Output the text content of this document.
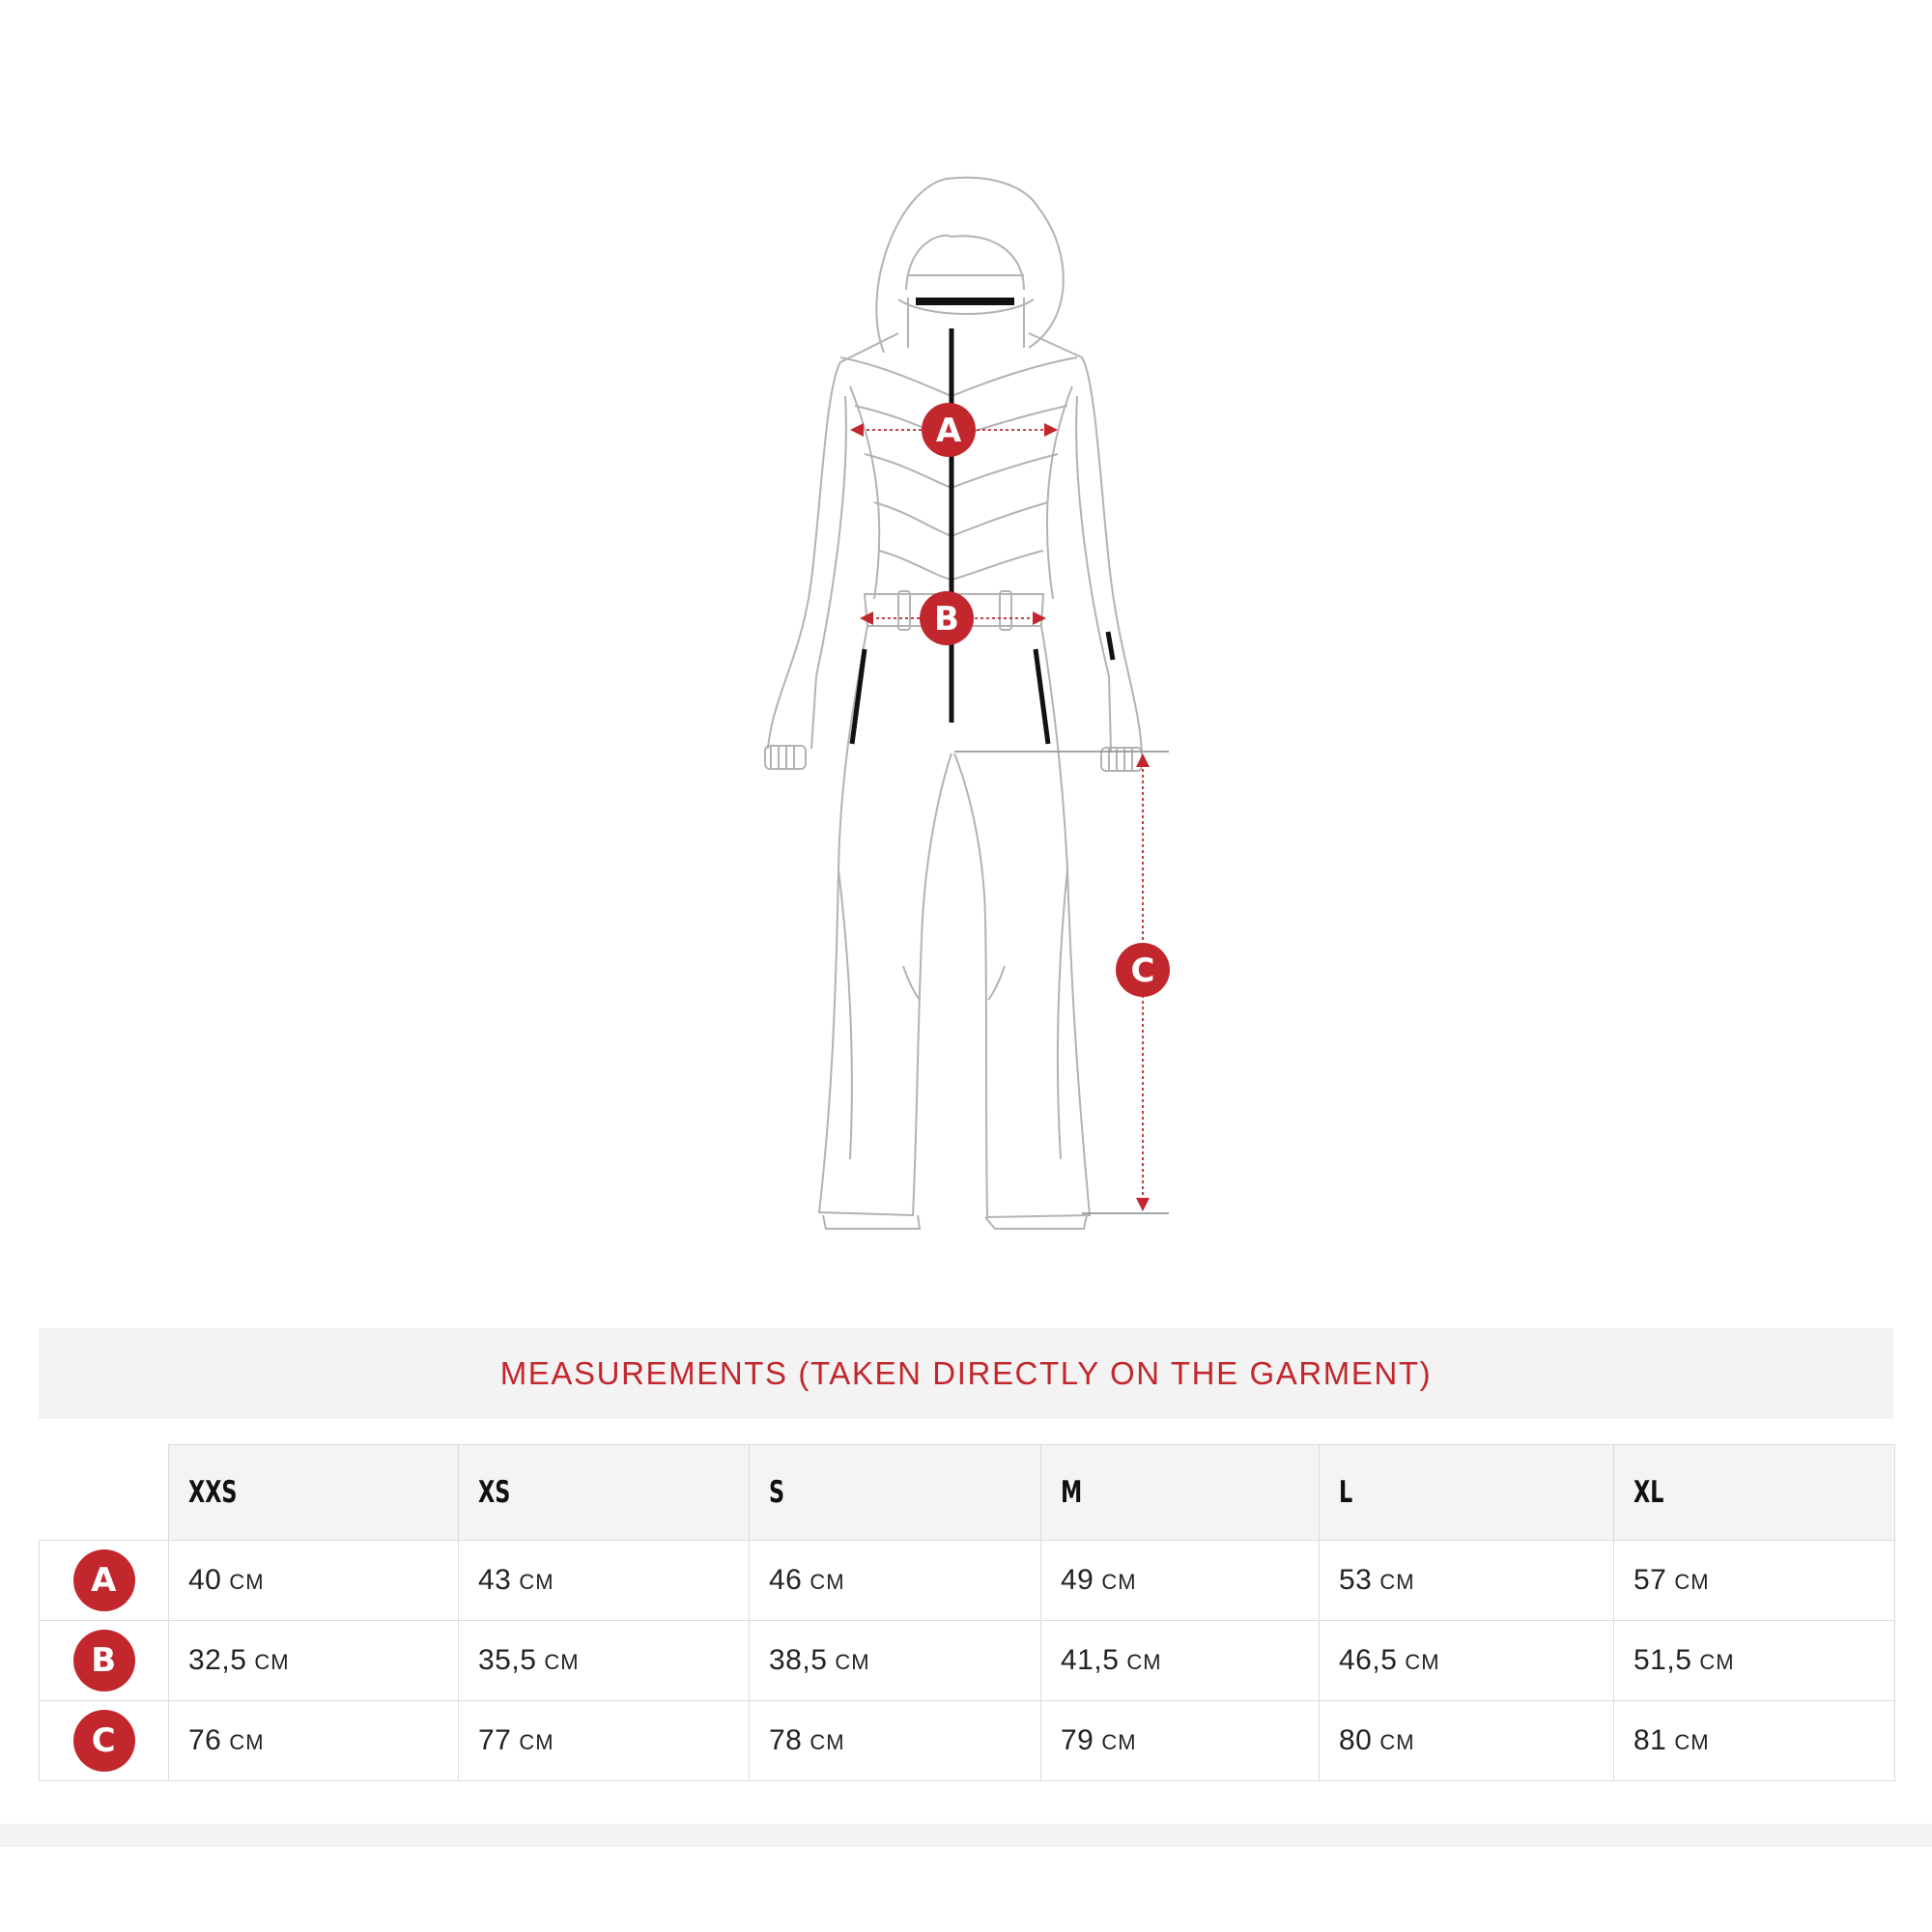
A
B
C
MEASUREMENTS (TAKEN DIRECTLY ON THE GARMENT)
	XXS	XS	S	M	L	XL
A	40 CM	43 CM	46 CM	49 CM	53 CM	57 CM
B	32,5 CM	35,5 CM	38,5 CM	41,5 CM	46,5 CM	51,5 CM
C	76 CM	77 CM	78 CM	79 CM	80 CM	81 CM
